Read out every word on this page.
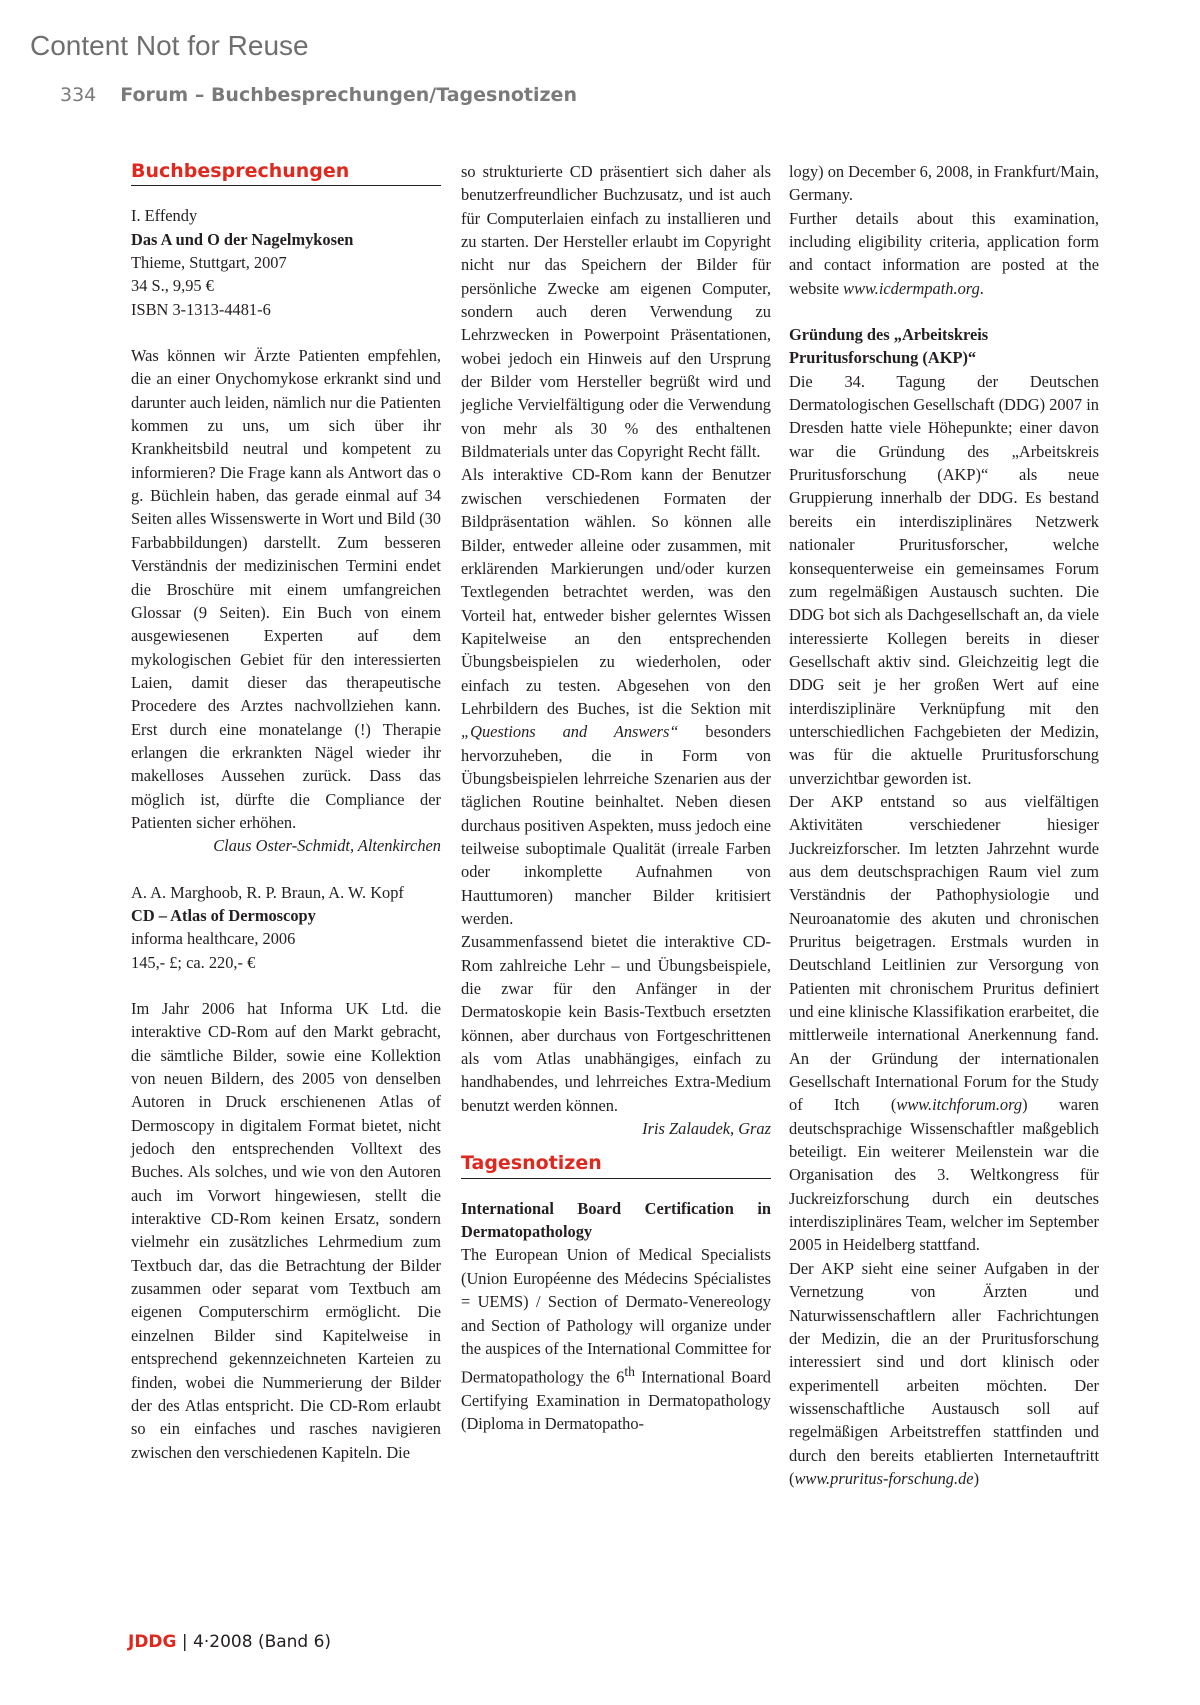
Content Not for Reuse
334 Forum – Buchbesprechungen/Tagesnotizen
Buchbesprechungen

I. Effendy

Das A und O der Nagelmykosen

Thieme, Stuttgart, 2007

34 S., 9,95 €

ISBN 3-1313-4481-6

Was können wir Ärzte Patienten empfehlen, die an einer Onychomykose erkrankt sind und darunter auch leiden, nämlich nur die Patienten kommen zu uns, um sich über ihr Krankheitsbild neutral und kompetent zu informieren? Die Frage kann als Antwort das o g. Büchlein haben, das gerade einmal auf 34 Seiten alles Wissenswerte in Wort und Bild (30 Farbabbildungen) darstellt. Zum besseren Verständnis der medizinischen Termini endet die Broschüre mit einem umfangreichen Glossar (9 Seiten). Ein Buch von einem ausgewiesenen Experten auf dem mykologischen Gebiet für den interessierten Laien, damit dieser das therapeutische Procedere des Arztes nachvollziehen kann. Erst durch eine monatelange (!) Therapie erlangen die erkrankten Nägel wieder ihr makelloses Aussehen zurück. Dass das möglich ist, dürfte die Compliance der Patienten sicher erhöhen.

Claus Oster-Schmidt, Altenkirchen

A. A. Marghoob, R. P. Braun, A. W. Kopf

CD – Atlas of Dermoscopy

informa healthcare, 2006

145,- £; ca. 220,- €

Im Jahr 2006 hat Informa UK Ltd. die interaktive CD-Rom auf den Markt gebracht, die sämtliche Bilder, sowie eine Kollektion von neuen Bildern, des 2005 von denselben Autoren in Druck erschienenen Atlas of Dermoscopy in digitalem Format bietet, nicht jedoch den entsprechenden Volltext des Buches. Als solches, und wie von den Autoren auch im Vorwort hingewiesen, stellt die interaktive CD-Rom keinen Ersatz, sondern vielmehr ein zusätzliches Lehrmedium zum Textbuch dar, das die Betrachtung der Bilder zusammen oder separat vom Textbuch am eigenen Computerschirm ermöglicht. Die einzelnen Bilder sind Kapitelweise in entsprechend gekennzeichneten Karteien zu finden, wobei die Nummerierung der Bilder der des Atlas entspricht. Die CD-Rom erlaubt so ein einfaches und rasches navigieren zwischen den verschiedenen Kapiteln. Die

so strukturierte CD präsentiert sich daher als benutzerfreundlicher Buchzusatz, und ist auch für Computerlaien einfach zu installieren und zu starten. Der Hersteller erlaubt im Copyright nicht nur das Speichern der Bilder für persönliche Zwecke am eigenen Computer, sondern auch deren Verwendung zu Lehrzwecken in Powerpoint Präsentationen, wobei jedoch ein Hinweis auf den Ursprung der Bilder vom Hersteller begrüßt wird und jegliche Vervielfältigung oder die Verwendung von mehr als 30 % des enthaltenen Bildmaterials unter das Copyright Recht fällt.

Als interaktive CD-Rom kann der Benutzer zwischen verschiedenen Formaten der Bildpräsentation wählen. So können alle Bilder, entweder alleine oder zusammen, mit erklärenden Markierungen und/oder kurzen Textlegenden betrachtet werden, was den Vorteil hat, entweder bisher gelerntes Wissen Kapitelweise an den entsprechenden Übungsbeispielen zu wiederholen, oder einfach zu testen. Abgesehen von den Lehrbildern des Buches, ist die Sektion mit „Questions and Answers“ besonders hervorzuheben, die in Form von Übungsbeispielen lehrreiche Szenarien aus der täglichen Routine beinhaltet. Neben diesen durchaus positiven Aspekten, muss jedoch eine teilweise suboptimale Qualität (irreale Farben oder inkomplette Aufnahmen von Hauttumoren) mancher Bilder kritisiert werden.

Zusammenfassend bietet die interaktive CD-Rom zahlreiche Lehr – und Übungsbeispiele, die zwar für den Anfänger in der Dermatoskopie kein Basis-Textbuch ersetzten können, aber durchaus von Fortgeschrittenen als vom Atlas unabhängiges, einfach zu handhabendes, und lehrreiches Extra-Medium benutzt werden können.

Iris Zalaudek, Graz

Tagesnotizen

International Board Certification in Dermatopathology

The European Union of Medical Specialists (Union Européenne des Médecins Spécialistes = UEMS) / Section of Dermato-Venereology and Section of Pathology will organize under the auspices of the International Committee for Dermatopathology the 6th International Board Certifying Examination in Dermatopathology (Diploma in Dermatopatho-

logy) on December 6, 2008, in Frankfurt/Main, Germany.

Further details about this examination, including eligibility criteria, application form and contact information are posted at the website www.icdermpath.org.

Gründung des „Arbeitskreis Pruritusforschung (AKP)“

Die 34. Tagung der Deutschen Dermatologischen Gesellschaft (DDG) 2007 in Dresden hatte viele Höhepunkte; einer davon war die Gründung des „Arbeitskreis Pruritusforschung (AKP)“ als neue Gruppierung innerhalb der DDG. Es bestand bereits ein interdisziplinäres Netzwerk nationaler Pruritusforscher, welche konsequenterweise ein gemeinsames Forum zum regelmäßigen Austausch suchten. Die DDG bot sich als Dachgesellschaft an, da viele interessierte Kollegen bereits in dieser Gesellschaft aktiv sind. Gleichzeitig legt die DDG seit je her großen Wert auf eine interdisziplinäre Verknüpfung mit den unterschiedlichen Fachgebieten der Medizin, was für die aktuelle Pruritusforschung unverzichtbar geworden ist.

Der AKP entstand so aus vielfältigen Aktivitäten verschiedener hiesiger Juckreizforscher. Im letzten Jahrzehnt wurde aus dem deutschsprachigen Raum viel zum Verständnis der Pathophysiologie und Neuroanatomie des akuten und chronischen Pruritus beigetragen. Erstmals wurden in Deutschland Leitlinien zur Versorgung von Patienten mit chronischem Pruritus definiert und eine klinische Klassifikation erarbeitet, die mittlerweile international Anerkennung fand. An der Gründung der internationalen Gesellschaft International Forum for the Study of Itch (www.itchforum.org) waren deutschsprachige Wissenschaftler maßgeblich beteiligt. Ein weiterer Meilenstein war die Organisation des 3. Weltkongress für Juckreizforschung durch ein deutsches interdisziplinäres Team, welcher im September 2005 in Heidelberg stattfand.

Der AKP sieht eine seiner Aufgaben in der Vernetzung von Ärzten und Naturwissenschaftlern aller Fachrichtungen der Medizin, die an der Pruritusforschung interessiert sind und dort klinisch oder experimentell arbeiten möchten. Der wissenschaftliche Austausch soll auf regelmäßigen Arbeitstreffen stattfinden und durch den bereits etablierten Internetauftritt (www.pruritus-forschung.de)

JDDG | 4·2008 (Band 6)
